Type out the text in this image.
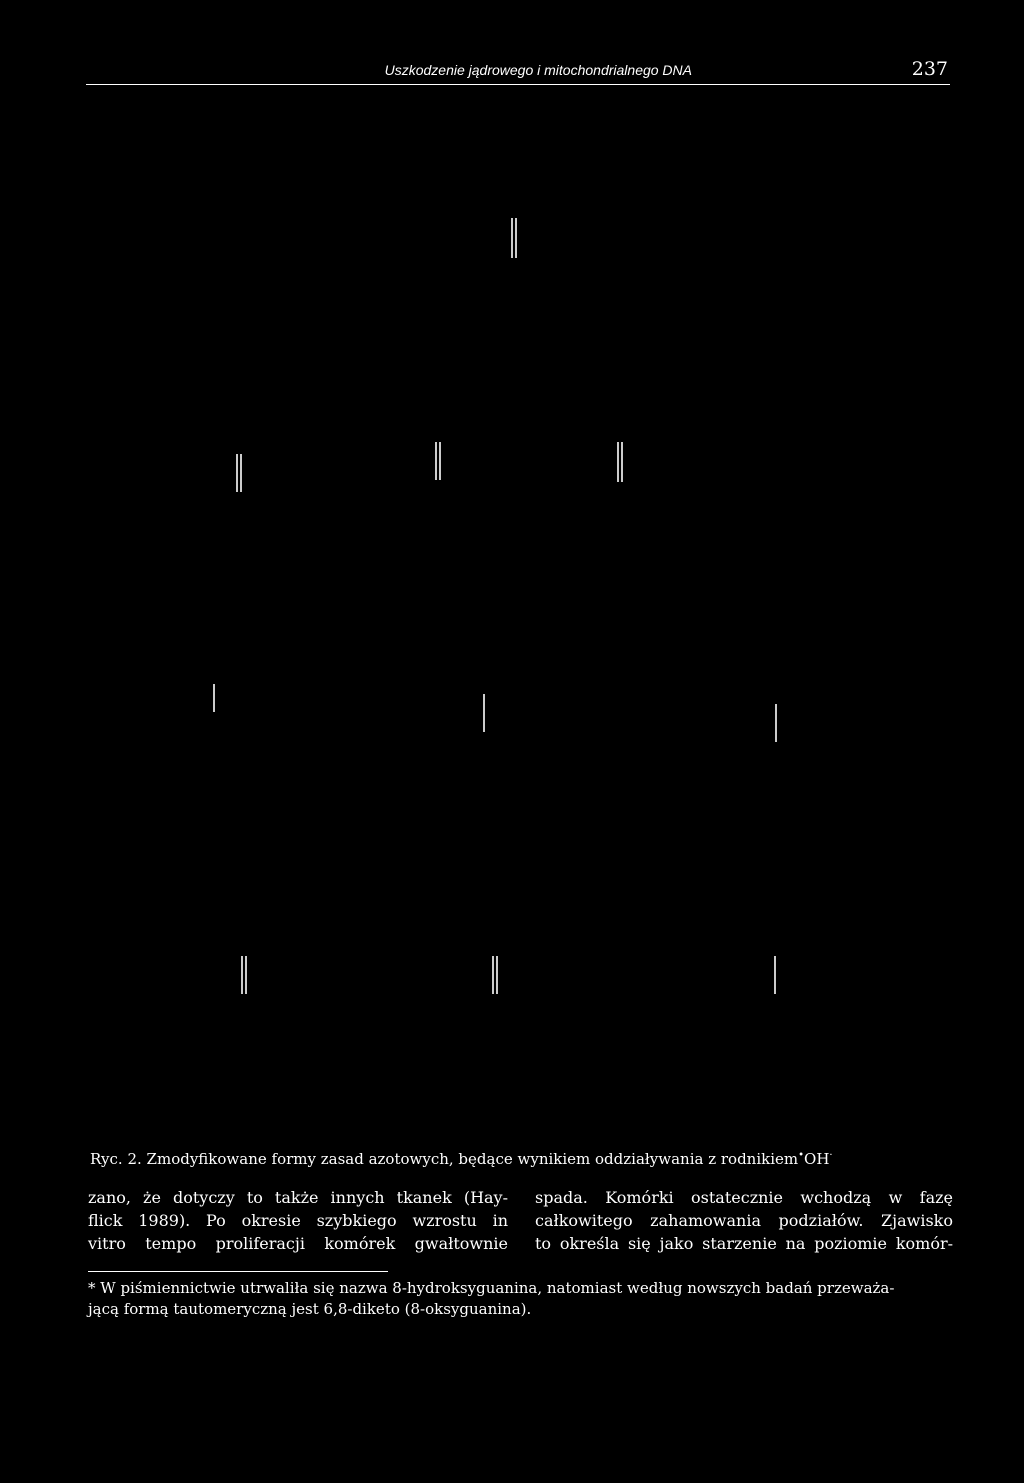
Uszkodzenie jądrowego i mitochondrialnego DNA	237
Ryc. 2. Zmodyfikowane formy zasad azotowych, będące wynikiem oddziaływania z rodnikiem•OH·
zano, że dotyczy to także innych tkanek (Hay-
flick 1989). Po okresie szybkiego wzrostu in
vitro tempo proliferacji komórek gwałtownie
spada. Komórki ostatecznie wchodzą w fazę
całkowitego zahamowania podziałów. Zjawisko
to określa się jako starzenie na poziomie komór-
* W piśmiennictwie utrwaliła się nazwa 8-hydroksyguanina, natomiast według nowszych badań przeważa-
jącą formą tautomeryczną jest 6,8-diketo (8-oksyguanina).
